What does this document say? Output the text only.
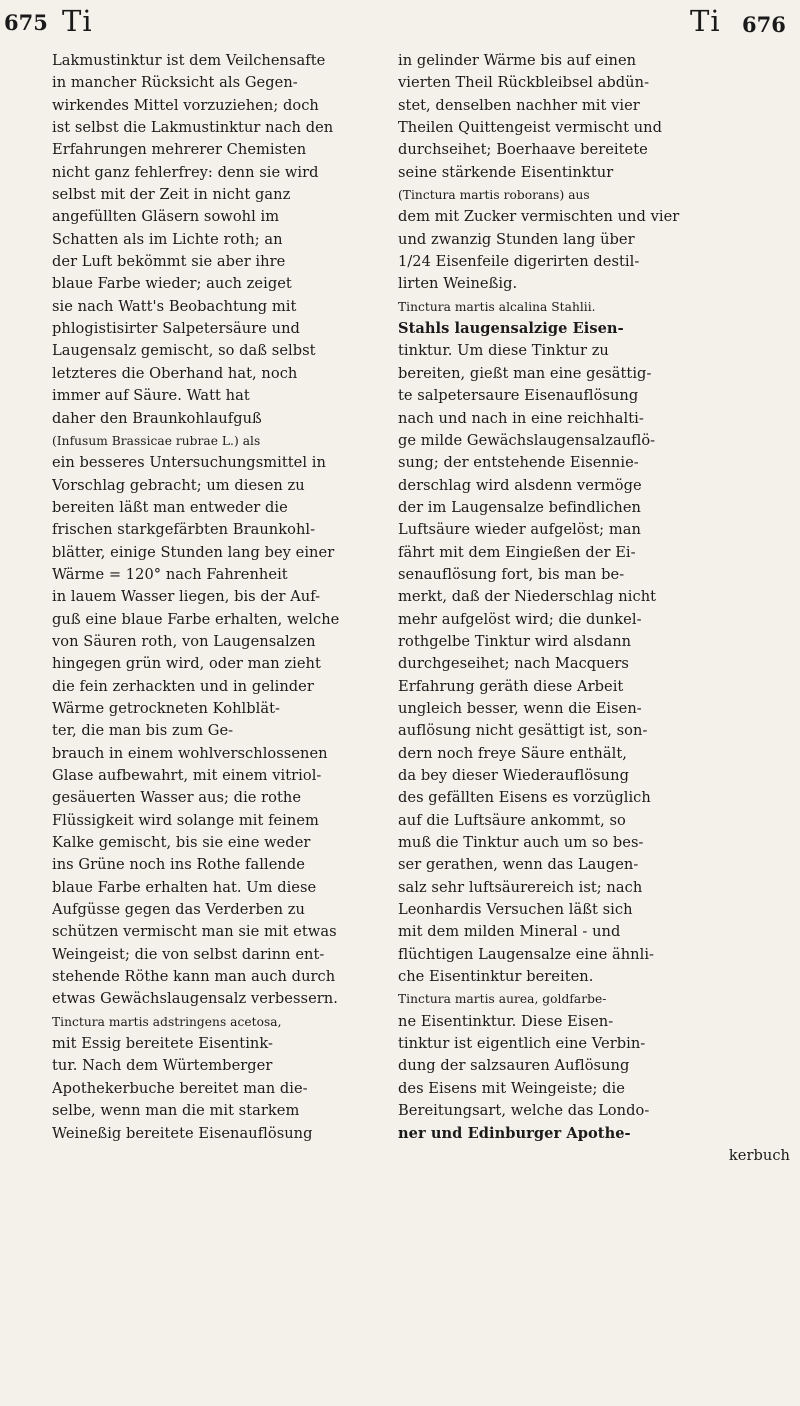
675 Ti	Ti 676
Lakmustinktur ist dem Veilchensafte
in mancher Rücksicht als Gegen-
wirkendes Mittel vorzuziehen; doch
ist selbst die Lakmustinktur nach den
Erfahrungen mehrerer Chemisten
nicht ganz fehlerfrey: denn sie wird
selbst mit der Zeit in nicht ganz
angefüllten Gläsern sowohl im
Schatten als im Lichte roth; an
der Luft bekömmt sie aber ihre
blaue Farbe wieder; auch zeiget
sie nach Watt's Beobachtung mit
phlogistisirter Salpetersäure und
Laugensalz gemischt, so daß selbst
letzteres die Oberhand hat, noch
immer auf Säure. Watt hat
daher den Braunkohlaufguß
(Infusum Brassicae rubrae L.) als
ein besseres Untersuchungsmittel in
Vorschlag gebracht; um diesen zu
bereiten läßt man entweder die
frischen starkgefärbten Braunkohl-
blätter, einige Stunden lang bey einer
Wärme = 120° nach Fahrenheit
in lauem Wasser liegen, bis der Auf-
guß eine blaue Farbe erhalten, welche
von Säuren roth, von Laugensalzen
hingegen grün wird, oder man zieht
die fein zerhackten und in gelinder
Wärme getrockneten Kohlblät-
ter, die man bis zum Ge-
brauch in einem wohlverschlossenen
Glase aufbewahrt, mit einem vitriol-
gesäuerten Wasser aus; die rothe
Flüssigkeit wird solange mit feinem
Kalke gemischt, bis sie eine weder
ins Grüne noch ins Rothe fallende
blaue Farbe erhalten hat. Um diese
Aufgüsse gegen das Verderben zu
schützen vermischt man sie mit etwas
Weingeist; die von selbst darinn ent-
stehende Röthe kann man auch durch
etwas Gewächslaugensalz verbessern.
Tinctura martis adstringens acetosa,
mit Essig bereitete Eisentink-
tur. Nach dem Würtemberger
Apothekerbuche bereitet man die-
selbe, wenn man die mit starkem
Weineßig bereitete Eisenauflösung
in gelinder Wärme bis auf einen
vierten Theil Rückbleibsel abdün-
stet, denselben nachher mit vier
Theilen Quittengeist vermischt und
durchseihet; Boerhaave bereitete
seine stärkende Eisentinktur
(Tinctura martis roborans) aus
dem mit Zucker vermischten und vier
und zwanzig Stunden lang über
1/24 Eisenfeile digerirten destil-
lirten Weineßig.
Tinctura martis alcalina Stahlii.
Stahls laugensalzige Eisen-
tinktur. Um diese Tinktur zu
bereiten, gießt man eine gesättig-
te salpetersaure Eisenauflösung
nach und nach in eine reichhalti-
ge milde Gewächslaugensalzauflö-
sung; der entstehende Eisennie-
derschlag wird alsdenn vermöge
der im Laugensalze befindlichen
Luftsäure wieder aufgelöst; man
fährt mit dem Eingießen der Ei-
senauflösung fort, bis man be-
merkt, daß der Niederschlag nicht
mehr aufgelöst wird; die dunkel-
rothgelbe Tinktur wird alsdann
durchgeseihet; nach Macquers
Erfahrung geräth diese Arbeit
ungleich besser, wenn die Eisen-
auflösung nicht gesättigt ist, son-
dern noch freye Säure enthält,
da bey dieser Wiederauflösung
des gefällten Eisens es vorzüglich
auf die Luftsäure ankommt, so
muß die Tinktur auch um so bes-
ser gerathen, wenn das Laugen-
salz sehr luftsäurereich ist; nach
Leonhardis Versuchen läßt sich
mit dem milden Mineral - und
flüchtigen Laugensalze eine ähnli-
che Eisentinktur bereiten.
Tinctura martis aurea, goldfarbe-
ne Eisentinktur. Diese Eisen-
tinktur ist eigentlich eine Verbin-
dung der salzsauren Auflösung
des Eisens mit Weingeiste; die
Bereitungsart, welche das Londo-
ner und Edinburger Apothe-
kerbuch
